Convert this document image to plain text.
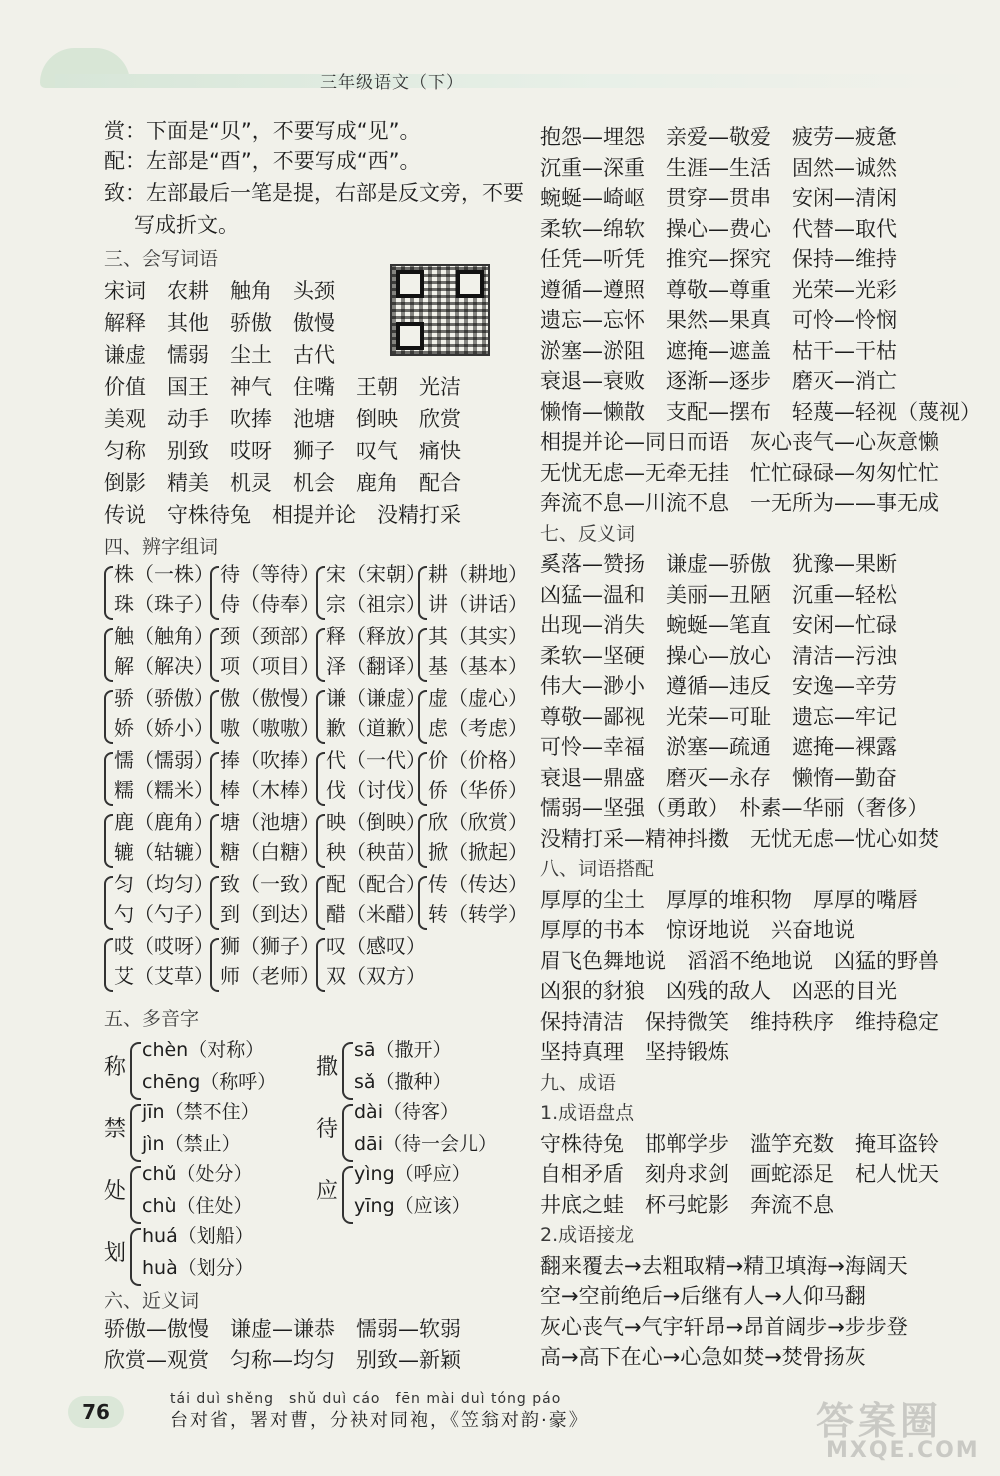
三年级语文（下）
赏：下面是“贝”，不要写成“见”。
配：左部是“酉”，不要写成“西”。
致：左部最后一笔是提，右部是反文旁，不要
写成折文。
三、会写词语
宋词　农耕　触角　头颈
解释　其他　骄傲　傲慢
谦虚　懦弱　尘土　古代
价值　国王　神气　住嘴　王朝　光洁
美观　动手　吹捧　池塘　倒映　欣赏
匀称　别致　哎呀　狮子　叹气　痛快
倒影　精美　机灵　机会　鹿角　配合
传说　守株待兔　相提并论　没精打采
四、辨字组词
株（一株）
珠（珠子）
待（等待）
侍（侍奉）
宋（宋朝）
宗（祖宗）
耕（耕地）
讲（讲话）
触（触角）
解（解决）
颈（颈部）
项（项目）
释（释放）
泽（翻译）
其（其实）
基（基本）
骄（骄傲）
娇（娇小）
傲（傲慢）
嗷（嗷嗷）
谦（谦虚）
歉（道歉）
虚（虚心）
虑（考虑）
懦（懦弱）
糯（糯米）
捧（吹捧）
棒（木棒）
代（一代）
伐（讨伐）
价（价格）
侨（华侨）
鹿（鹿角）
辘（轱辘）
塘（池塘）
糖（白糖）
映（倒映）
秧（秧苗）
欣（欣赏）
掀（掀起）
匀（均匀）
勺（勺子）
致（一致）
到（到达）
配（配合）
醋（米醋）
传（传达）
转（转学）
哎（哎呀）
艾（艾草）
狮（狮子）
师（老师）
叹（感叹）
双（双方）
五、多音字
称
chèn（对称）
chēng（称呼）
撒
sā（撒开）
sǎ（撒种）
禁
jīn（禁不住）
jìn（禁止）
待
dài（待客）
dāi（待一会儿）
处
chǔ（处分）
chù（住处）
应
yìng（呼应）
yīng（应该）
划
huá（划船）
huà（划分）
六、近义词
骄傲—傲慢　谦虚—谦恭　懦弱—软弱
欣赏—观赏　匀称—均匀　别致—新颖
抱怨—埋怨　亲爱—敬爱　疲劳—疲惫
沉重—深重　生涯—生活　固然—诚然
蜿蜒—崎岖　贯穿—贯串　安闲—清闲
柔软—绵软　操心—费心　代替—取代
任凭—听凭　推究—探究　保持—维持
遵循—遵照　尊敬—尊重　光荣—光彩
遗忘—忘怀　果然—果真　可怜—怜悯
淤塞—淤阻　遮掩—遮盖　枯干—干枯
衰退—衰败　逐渐—逐步　磨灭—消亡
懒惰—懒散　支配—摆布　轻蔑—轻视（蔑视）
相提并论—同日而语　灰心丧气—心灰意懒
无忧无虑—无牵无挂　忙忙碌碌—匆匆忙忙
奔流不息—川流不息　一无所为——事无成
七、反义词
奚落—赞扬　谦虚—骄傲　犹豫—果断
凶猛—温和　美丽—丑陋　沉重—轻松
出现—消失　蜿蜒—笔直　安闲—忙碌
柔软—坚硬　操心—放心　清洁—污浊
伟大—渺小　遵循—违反　安逸—辛劳
尊敬—鄙视　光荣—可耻　遗忘—牢记
可怜—幸福　淤塞—疏通　遮掩—裸露
衰退—鼎盛　磨灭—永存　懒惰—勤奋
懦弱—坚强（勇敢）　朴素—华丽（奢侈）
没精打采—精神抖擞　无忧无虑—忧心如焚
八、词语搭配
厚厚的尘土　厚厚的堆积物　厚厚的嘴唇
厚厚的书本　惊讶地说　兴奋地说
眉飞色舞地说　滔滔不绝地说　凶猛的野兽
凶狠的豺狼　凶残的敌人　凶恶的目光
保持清洁　保持微笑　维持秩序　维持稳定
坚持真理　坚持锻炼
九、成语
1.成语盘点
守株待兔　邯郸学步　滥竽充数　掩耳盗铃
自相矛盾　刻舟求剑　画蛇添足　杞人忧天
井底之蛙　杯弓蛇影　奔流不息
2.成语接龙
翻来覆去→去粗取精→精卫填海→海阔天
空→空前绝后→后继有人→人仰马翻
灰心丧气→气宇轩昂→昂首阔步→步步登
高→高下在心→心急如焚→焚骨扬灰
76
tái duì shěng　shǔ duì cáo　fēn mài duì tóng páo
台对省，署对曹，分袂对同袍，《笠翁对韵·豪》	答案圈
MXQE.COM
